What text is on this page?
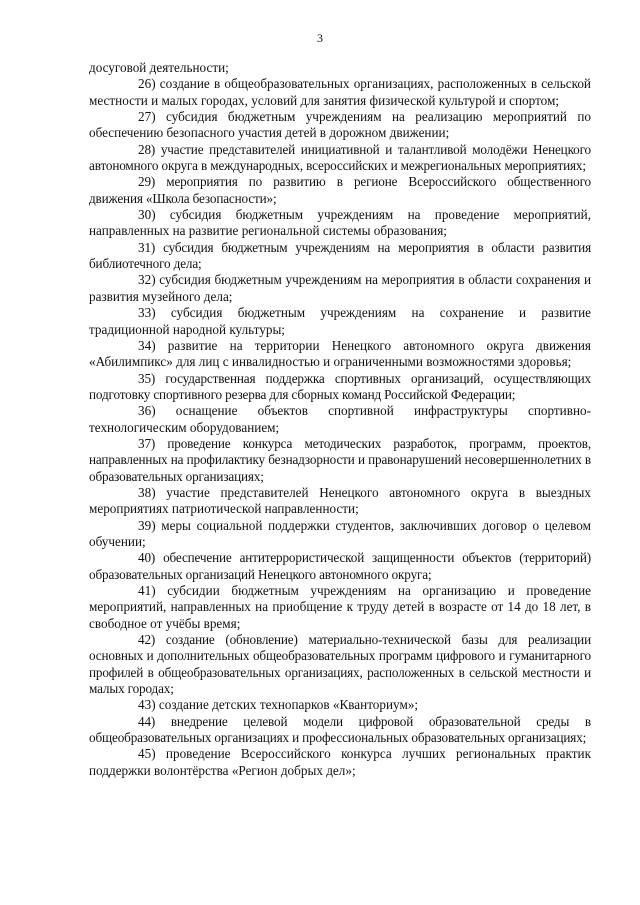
3

досуговой деятельности;

26) создание в общеобразовательных организациях, расположенных в сельской местности и малых городах, условий для занятия физической культурой и спортом;

27) субсидия бюджетным учреждениям на реализацию мероприятий по обеспечению безопасного участия детей в дорожном движении;

28) участие представителей инициативной и талантливой молодёжи Ненецкого автономного округа в международных, всероссийских и межрегиональных мероприятиях;

29) мероприятия по развитию в регионе Всероссийского общественного движения «Школа безопасности»;

30) субсидия бюджетным учреждениям на проведение мероприятий, направленных на развитие региональной системы образования;

31) субсидия бюджетным учреждениям на мероприятия в области развития библиотечного дела;

32) субсидия бюджетным учреждениям на мероприятия в области сохранения и развития музейного дела;

33) субсидия бюджетным учреждениям на сохранение и развитие традиционной народной культуры;

34) развитие на территории Ненецкого автономного округа движения «Абилимпикс» для лиц с инвалидностью и ограниченными возможностями здоровья;

35) государственная поддержка спортивных организаций, осуществляющих подготовку спортивного резерва для сборных команд Российской Федерации;

36) оснащение объектов спортивной инфраструктуры спортивно-технологическим оборудованием;

37) проведение конкурса методических разработок, программ, проектов, направленных на профилактику безнадзорности и правонарушений несовершеннолетних в образовательных организациях;

38) участие представителей Ненецкого автономного округа в выездных мероприятиях патриотической направленности;

39) меры социальной поддержки студентов, заключивших договор о целевом обучении;

40) обеспечение антитеррористической защищенности объектов (территорий) образовательных организаций Ненецкого автономного округа;

41) субсидии бюджетным учреждениям на организацию и проведение мероприятий, направленных на приобщение к труду детей в возрасте от 14 до 18 лет, в свободное от учёбы время;

42) создание (обновление) материально-технической базы для реализации основных и дополнительных общеобразовательных программ цифрового и гуманитарного профилей в общеобразовательных организациях, расположенных в сельской местности и малых городах;

43) создание детских технопарков «Кванториум»;

44) внедрение целевой модели цифровой образовательной среды в общеобразовательных организациях и профессиональных образовательных организациях;

45) проведение Всероссийского конкурса лучших региональных практик поддержки волонтёрства «Регион добрых дел»;
